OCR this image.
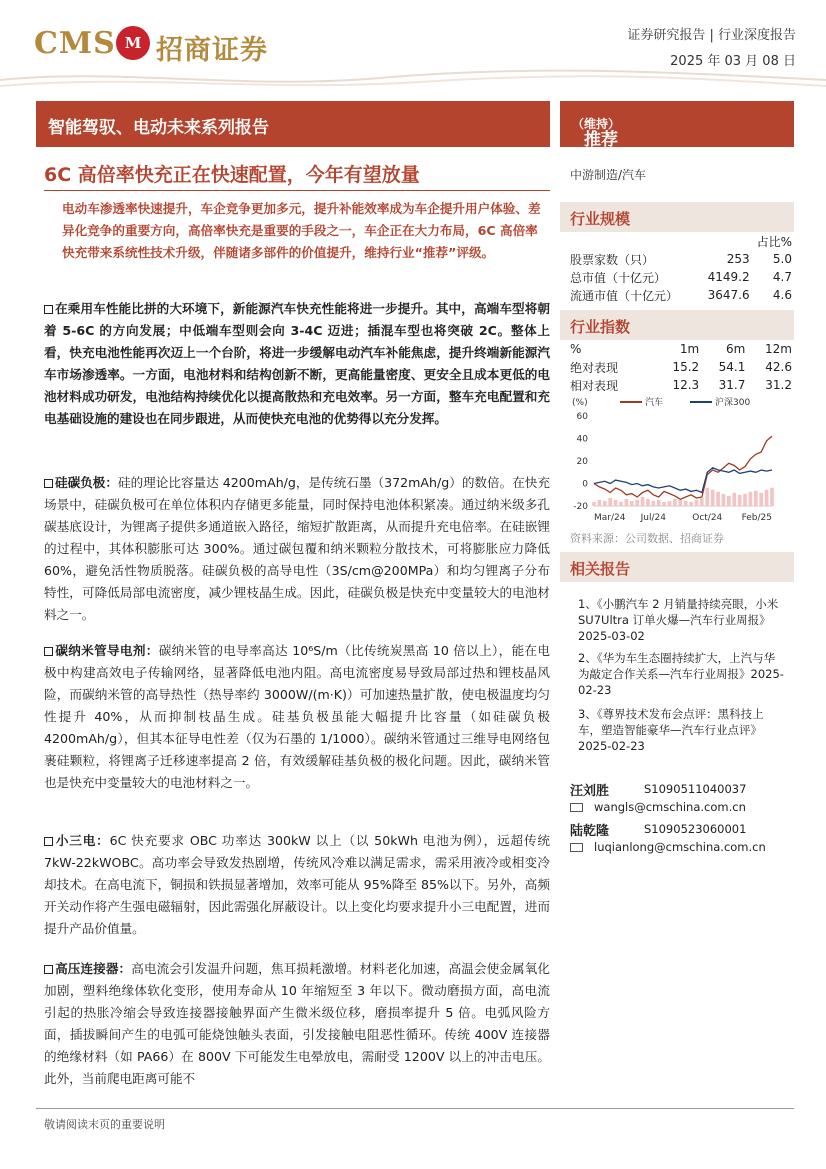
CMS M 招商证券	证券研究报告 | 行业深度报告
2025 年 03 月 08 日
智能驾驭、电动未来系列报告
6C 高倍率快充正在快速配置，今年有望放量
电动车渗透率快速提升，车企竞争更加多元，提升补能效率成为车企提升用户体验、差异化竞争的重要方向，高倍率快充是重要的手段之一，车企正在大力布局，6C 高倍率快充带来系统性技术升级，伴随诸多部件的价值提升，维持行业“推荐”评级。
在乘用车性能比拼的大环境下，新能源汽车快充性能将进一步提升。其中，高端车型将朝着 5-6C 的方向发展；中低端车型则会向 3-4C 迈进；插混车型也将突破 2C。整体上看，快充电池性能再次迈上一个台阶，将进一步缓解电动汽车补能焦虑，提升终端新能源汽车市场渗透率。一方面，电池材料和结构创新不断，更高能量密度、更安全且成本更低的电池材料成功研发，电池结构持续优化以提高散热和充电效率。另一方面，整车充电配置和充电基础设施的建设也在同步跟进，从而使快充电池的优势得以充分发挥。
硅碳负极：硅的理论比容量达 4200mAh/g，是传统石墨（372mAh/g）的数倍。在快充场景中，硅碳负极可在单位体积内存储更多能量，同时保持电池体积紧凑。通过纳米级多孔碳基底设计，为锂离子提供多通道嵌入路径，缩短扩散距离，从而提升充电倍率。在硅嵌锂的过程中，其体积膨胀可达 300%。通过碳包覆和纳米颗粒分散技术，可将膨胀应力降低 60%，避免活性物质脱落。硅碳负极的高导电性（3S/cm@200MPa）和均匀锂离子分布特性，可降低局部电流密度，减少锂枝晶生成。因此，硅碳负极是快充中变量较大的电池材料之一。
碳纳米管导电剂：碳纳米管的电导率高达 10⁶S/m（比传统炭黑高 10 倍以上），能在电极中构建高效电子传输网络，显著降低电池内阻。高电流密度易导致局部过热和锂枝晶风险，而碳纳米管的高导热性（热导率约 3000W/(m·K)）可加速热量扩散，使电极温度均匀性提升 40%，从而抑制枝晶生成。硅基负极虽能大幅提升比容量（如硅碳负极 4200mAh/g），但其本征导电性差（仅为石墨的 1/1000）。碳纳米管通过三维导电网络包裹硅颗粒，将锂离子迁移速率提高 2 倍，有效缓解硅基负极的极化问题。因此，碳纳米管也是快充中变量较大的电池材料之一。
小三电：6C 快充要求 OBC 功率达 300kW 以上（以 50kWh 电池为例），远超传统 7kW-22kWOBC。高功率会导致发热剧增，传统风冷难以满足需求，需采用液冷或相变冷却技术。在高电流下，铜损和铁损显著增加，效率可能从 95%降至 85%以下。另外，高频开关动作将产生强电磁辐射，因此需强化屏蔽设计。以上变化均要求提升小三电配置，进而提升产品价值量。
高压连接器：高电流会引发温升问题，焦耳损耗激增。材料老化加速，高温会使金属氧化加剧，塑料绝缘体软化变形，使用寿命从 10 年缩短至 3 年以下。微动磨损方面，高电流引起的热胀冷缩会导致连接器接触界面产生微米级位移，磨损率提升 5 倍。电弧风险方面，插拔瞬间产生的电弧可能烧蚀触头表面，引发接触电阻恶性循环。传统 400V 连接器的绝缘材料（如 PA66）在 800V 下可能发生电晕放电，需耐受 1200V 以上的冲击电压。此外，当前爬电距离可能不
推荐
（维持）
中游制造/汽车
行业规模
		占比%
股票家数（只）	253	5.0
总市值（十亿元）	4149.2	4.7
流通市值（十亿元）	3647.6	4.6
行业指数
%	1m	6m	12m
绝对表现	15.2	54.1	42.6
相对表现	12.3	31.7	31.2
(%)	汽车	沪深300
60
40
20
0
-20
Mar/24 Jul/24	Oct/24 Feb/25
资料来源：公司数据、招商证券
相关报告
1、《小鹏汽车 2 月销量持续亮眼，小米 SU7Ultra 订单火爆—汽车行业周报》2025-03-02
2、《华为车生态圈持续扩大，上汽与华为敲定合作关系—汽车行业周报》2025-02-23
3、《尊界技术发布会点评：黑科技上车，塑造智能豪华—汽车行业点评》2025-02-23
汪刘胜	S1090511040037
wangls@cmschina.com.cn
陆乾隆	S1090523060001
luqianlong@cmschina.com.cn
敬请阅读末页的重要说明
